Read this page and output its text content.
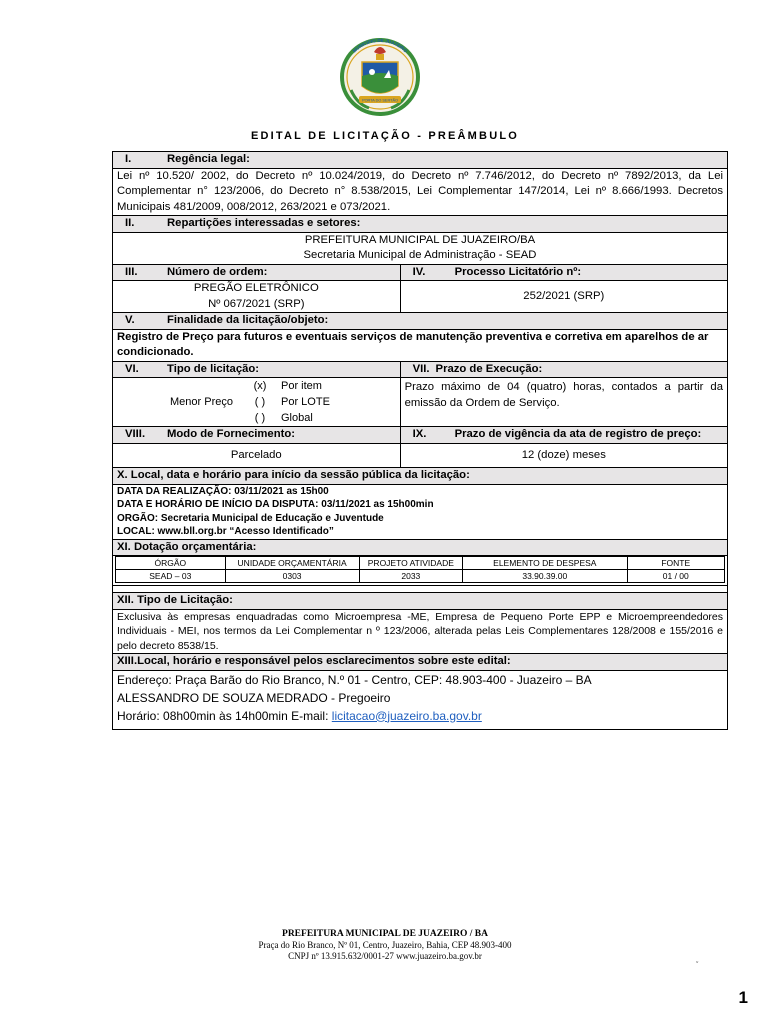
MUNICÍPIO DE JUAZEIRO
PORTA DO SERTÃO
EDITAL DE LICITAÇÃO - PREÂMBULO
I.	Regência legal:
Lei nº 10.520/ 2002, do Decreto nº 10.024/2019, do Decreto nº 7.746/2012, do Decreto nº 7892/2013, da Lei Complementar n° 123/2006, do Decreto n° 8.538/2015, Lei Complementar 147/2014, Lei nº 8.666/1993. Decretos Municipais 481/2009, 008/2012, 263/2021 e 073/2021.
II.	Repartições interessadas e setores:

PREFEITURA MUNICIPAL DE JUAZEIRO/BA
Secretaria Municipal de Administração - SEAD

III.	Número de ordem:	IV.	Processo Licitatório nº:

PREGÃO ELETRÔNICO
Nº 067/2021 (SRP)
	252/2021 (SRP)
V.	Finalidade da licitação/objeto:
Registro de Preço para futuros e eventuais serviços de manutenção preventiva e corretiva em aparelhos de ar condicionado.
VI. Tipo de licitação:	VII. Prazo de Execução:

	(x)	Por item
Menor Preço	( )	Por LOTE
	( )	Global
	Prazo máximo de 04 (quatro) horas, contados a partir da emissão da Ordem de Serviço.
VIII. Modo de Fornecimento:	IX. Prazo de vigência da ata de registro de preço:
Parcelado	12 (doze) meses
X. Local, data e horário para início da sessão pública da licitação:

DATA DA REALIZAÇÃO: 03/11/2021 as 15h00
DATA E HORÁRIO DE INÍCIO DA DISPUTA: 03/11/2021 as 15h00min
ORGÃO: Secretaria Municipal de Educação e Juventude
LOCAL: www.bll.org.br “Acesso Identificado”

XI. Dotação orçamentária:

ÓRGÃO	UNIDADE ORÇAMENTÁRIA	PROJETO ATIVIDADE	ELEMENTO DE DESPESA	FONTE
SEAD – 03	0303	2033	33.90.39.00	01 / 00

XII. Tipo de Licitação:
Exclusiva às empresas enquadradas como Microempresa -ME, Empresa de Pequeno Porte EPP e Microempreendedores Individuais - MEI, nos termos da Lei Complementar n º 123/2006, alterada pelas Leis Complementares 128/2008 e 155/2016 e pelo decreto 8538/15.
XIII.Local, horário e responsável pelos esclarecimentos sobre este edital:

Endereço: Praça Barão do Rio Branco, N.º 01 - Centro, CEP: 48.903-400 - Juazeiro – BA
ALESSANDRO DE SOUZA MEDRADO - Pregoeiro
Horário: 08h00min às 14h00min E-mail: licitacao@juazeiro.ba.gov.br
PREFEITURA MUNICIPAL DE JUAZEIRO / BA
Praça do Rio Branco, Nº 01, Centro, Juazeiro, Bahia, CEP 48.903-400
CNPJ nº 13.915.632/0001-27 www.juazeiro.ba.gov.br
ˇ
1
